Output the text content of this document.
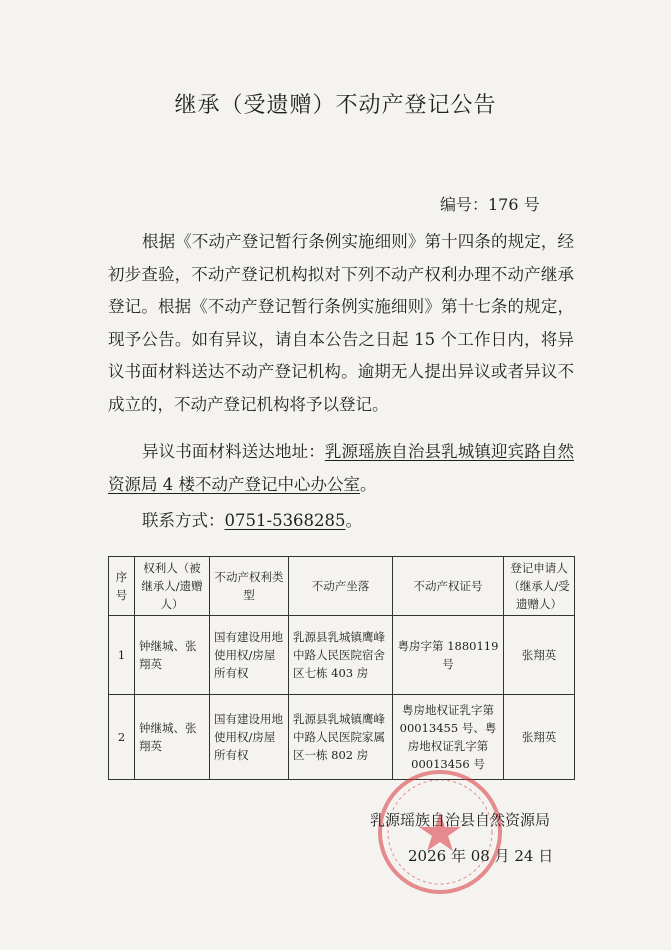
继承（受遗赠）不动产登记公告
编号：176 号

根据《不动产登记暂行条例实施细则》第十四条的规定，经初步查验，不动产登记机构拟对下列不动产权利办理不动产继承登记。根据《不动产登记暂行条例实施细则》第十七条的规定，现予公告。如有异议，请自本公告之日起 15 个工作日内，将异议书面材料送达不动产登记机构。逾期无人提出异议或者异议不成立的，不动产登记机构将予以登记。

异议书面材料送达地址：乳源瑶族自治县乳城镇迎宾路自然资源局 4 楼不动产登记中心办公室。

联系方式：0751-5368285。

序号	权利人（被继承人/遗赠人）	不动产权利类型	不动产坐落	不动产权证号	登记申请人（继承人/受遗赠人）
1	钟继城、张翔英	国有建设用地使用权/房屋所有权	乳源县乳城镇鹰峰中路人民医院宿舍区七栋 403 房	粤房字第 1880119 号	张翔英
2	钟继城、张翔英	国有建设用地使用权/房屋所有权	乳源县乳城镇鹰峰中路人民医院家属区一栋 802 房	粤房地权证乳字第 00013455 号、粤房地权证乳字第 00013456 号	张翔英
乳源瑶族自治县自然资源局
2026 年 08 月 24 日
